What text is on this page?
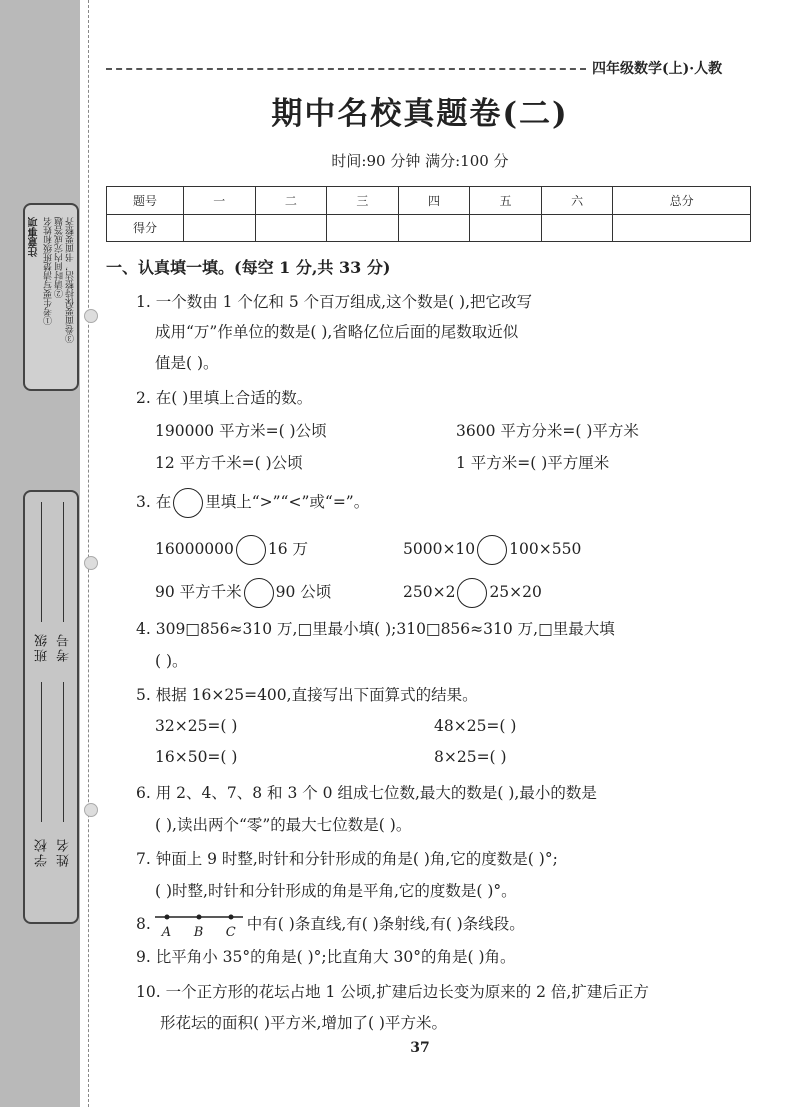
注意事项 ①考生要写清楚班级和姓名 ②请时间内完成答题 ③卷面要保持整洁，书面要整齐
学校 姓名
班级 考号
四年级数学(上)·人教
期中名校真题卷(二)
时间:90 分钟 满分:100 分
题号	一	二	三	四	五	六	总分
得分							
一、认真填一填。(每空 1 分,共 33 分)
1. 一个数由 1 个亿和 5 个百万组成,这个数是( ),把它改写
成用“万”作单位的数是( ),省略亿位后面的尾数取近似
值是( )。
2. 在( )里填上合适的数。
190000 平方米=( )公顷	3600 平方分米=( )平方米
12 平方千米=( )公顷	1 平方米=( )平方厘米
3. 在 里填上“>”“<”或“=”。
16000000 16 万	5000×10 100×550
90 平方千米 90 公顷	250×2 25×20
4. 309□856≈310 万,□里最小填( );310□856≈310 万,□里最大填
( )。
5. 根据 16×25=400,直接写出下面算式的结果。
32×25=( )	48×25=( )
16×50=( )	8×25=( )
6. 用 2、4、7、8 和 3 个 0 组成七位数,最大的数是( ),最小的数是
( ),读出两个“零”的最大七位数是( )。
7. 钟面上 9 时整,时针和分针形成的角是( )角,它的度数是( )°;
( )时整,时针和分针形成的角是平角,它的度数是( )°。
8. A B C 中有( )条直线,有( )条射线,有( )条线段。
9. 比平角小 35°的角是( )°;比直角大 30°的角是( )角。
10. 一个正方形的花坛占地 1 公顷,扩建后边长变为原来的 2 倍,扩建后正方
形花坛的面积( )平方米,增加了( )平方米。
37
